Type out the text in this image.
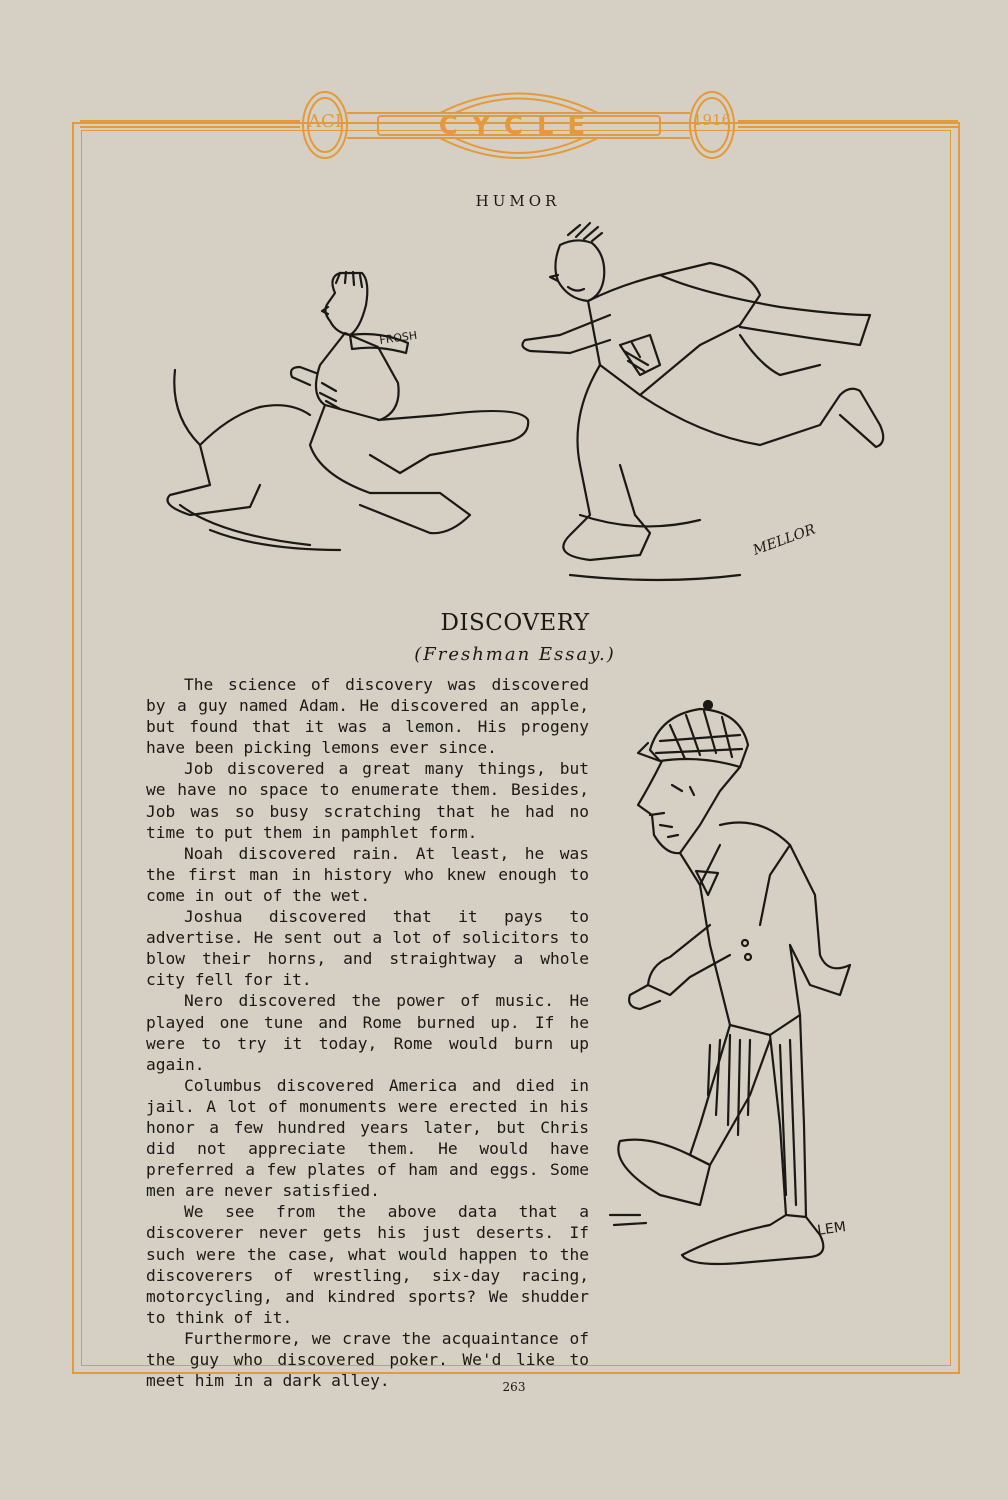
ACI	CYCLE	1916
HUMOR
FROSH
MELLOR
DISCOVERY
(Freshman Essay.)

The science of discovery was discovered by a guy named Adam. He discovered an apple, but found that it was a lemon. His progeny have been picking lemons ever since.

Job discovered a great many things, but we have no space to enumerate them. Besides, Job was so busy scratching that he had no time to put them in pamphlet form.

Noah discovered rain. At least, he was the first man in history who knew enough to come in out of the wet.

Joshua discovered that it pays to advertise. He sent out a lot of solicitors to blow their horns, and straightway a whole city fell for it.

Nero discovered the power of music. He played one tune and Rome burned up. If he were to try it today, Rome would burn up again.

Columbus discovered America and died in jail. A lot of monuments were erected in his honor a few hundred years later, but Chris did not appreciate them. He would have preferred a few plates of ham and eggs. Some men are never satisfied.

We see from the above data that a discoverer never gets his just deserts. If such were the case, what would happen to the discoverers of wrestling, six-day racing, motorcycling, and kindred sports? We shudder to think of it.

Furthermore, we crave the acquaintance of the guy who discovered poker. We'd like to meet him in a dark alley.

LEM
263
